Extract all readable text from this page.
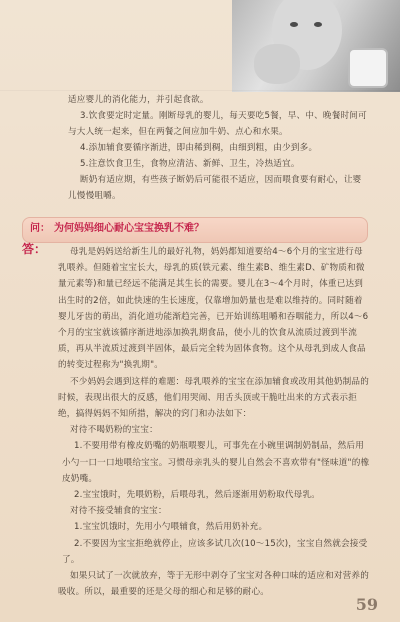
适应婴儿的消化能力，并引起食欲。
3.饮食要定时定量。刚断母乳的婴儿，每天要吃5餐，早、中、晚餐时间可与大人统一起来，但在两餐之间应加牛奶、点心和水果。
4.添加辅食要循序渐进，即由稀到稠，由细到粗，由少到多。
5.注意饮食卫生，食物应清洁、新鲜、卫生，冷热适宜。
断奶有适应期，有些孩子断奶后可能很不适应，因而喂食要有耐心，让婴儿慢慢咀嚼。
问： 为何妈妈细心耐心宝宝换乳不难？
答：	母乳是妈妈送给新生儿的最好礼物，妈妈都知道要给4～6个月的宝宝进行母乳喂养。但随着宝宝长大，母乳的质(铁元素、维生素B、维生素D、矿物质和微量元素等)和量已经远不能满足其生长的需要。婴儿在3～4个月时，体重已达到出生时的2倍，如此快速的生长速度，仅靠增加奶量也是难以维持的。同时随着婴儿牙齿的萌出，消化道功能渐趋完善，已开始训练咀嚼和吞咽能力，所以4～6个月的宝宝就该循序渐进地添加换乳期食品，使小儿的饮食从流质过渡到半流质，再从半流质过渡到半固体，最后完全转为固体食物。这个从母乳到成人食品的转变过程称为"换乳期"。
不少妈妈会遇到这样的难题：母乳喂养的宝宝在添加辅食或改用其他奶制品的时候，表现出很大的反感，他们用哭闹、用舌头顶或干脆吐出来的方式表示拒绝，搞得妈妈不知所措，解决的窍门和办法如下：
对待不喝奶粉的宝宝：
1.不要用带有橡皮奶嘴的奶瓶喂婴儿，可事先在小碗里调制奶制品，然后用小勺一口一口地喂给宝宝。习惯母亲乳头的婴儿自然会不喜欢带有"怪味道"的橡皮奶嘴。
2.宝宝饿时，先喂奶粉，后喂母乳，然后逐渐用奶粉取代母乳。
对待不接受辅食的宝宝：
1.宝宝饥饿时，先用小勺喂辅食，然后用奶补充。
2.不要因为宝宝拒绝就停止，应该多试几次(10～15次)，宝宝自然就会接受了。
如果只试了一次就放弃，等于无形中剥夺了宝宝对各种口味的适应和对营养的吸收。所以，最重要的还是父母的细心和足够的耐心。
59
